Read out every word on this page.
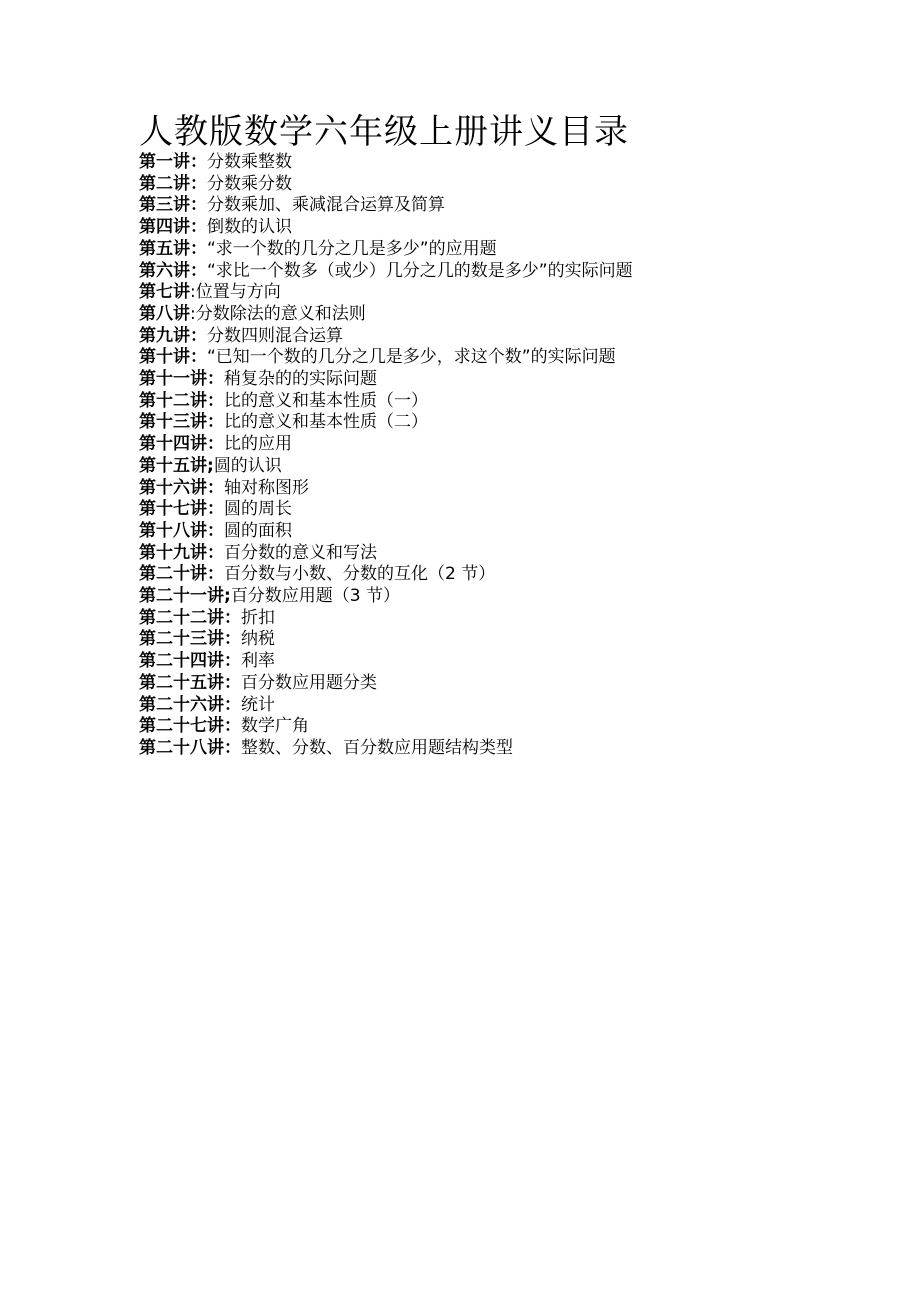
人教版数学六年级上册讲义目录
第一讲：分数乘整数
第二讲：分数乘分数
第三讲：分数乘加、乘减混合运算及简算
第四讲：倒数的认识
第五讲：“求一个数的几分之几是多少”的应用题
第六讲：“求比一个数多（或少）几分之几的数是多少”的实际问题
第七讲:位置与方向
第八讲:分数除法的意义和法则
第九讲：分数四则混合运算
第十讲：“已知一个数的几分之几是多少，求这个数”的实际问题
第十一讲：稍复杂的的实际问题
第十二讲：比的意义和基本性质（一）
第十三讲：比的意义和基本性质（二）
第十四讲：比的应用
第十五讲;圆的认识
第十六讲：轴对称图形
第十七讲：圆的周长
第十八讲：圆的面积
第十九讲：百分数的意义和写法
第二十讲：百分数与小数、分数的互化（2 节）
第二十一讲;百分数应用题（3 节）
第二十二讲：折扣
第二十三讲：纳税
第二十四讲：利率
第二十五讲：百分数应用题分类
第二十六讲：统计
第二十七讲：数学广角
第二十八讲：整数、分数、百分数应用题结构类型
